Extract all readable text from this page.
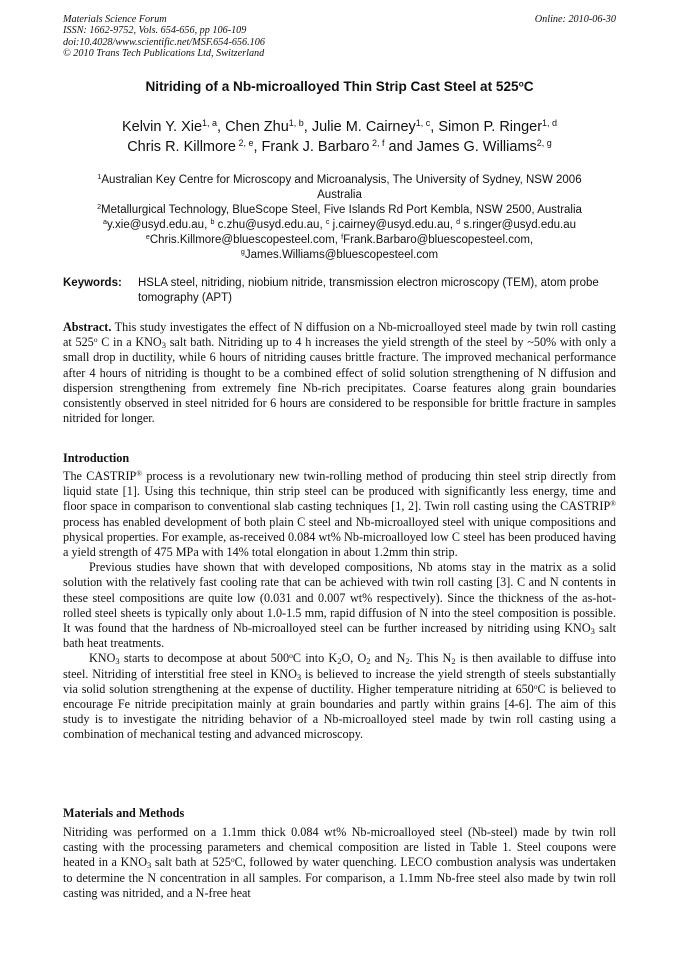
Materials Science Forum
ISSN: 1662-9752, Vols. 654-656, pp 106-109
doi:10.4028/www.scientific.net/MSF.654-656.106
© 2010 Trans Tech Publications Ltd, Switzerland
Online: 2010-06-30
Nitriding of a Nb-microalloyed Thin Strip Cast Steel at 525$^o$C
Kelvin Y. Xie$^{1, a}$, Chen Zhu$^{1, b}$, Julie M. Cairney$^{1, c}$, Simon P. Ringer$^{1, d}$
Chris R. Killmore $^{2, e}$, Frank J. Barbaro $^{2, f}$ and James G. Williams$^{2, g}$
$^1$Australian Key Centre for Microscopy and Microanalysis, The University of Sydney, NSW 2006
Australia
$^2$Metallurgical Technology, BlueScope Steel, Five Islands Rd Port Kembla, NSW 2500, Australia
$^a$y.xie@usyd.edu.au, $^b$ c.zhu@usyd.edu.au, $^c$ j.cairney@usyd.edu.au, $^d$ s.ringer@usyd.edu.au
$^e$Chris.Killmore@bluescopesteel.com, $^f$Frank.Barbaro@bluescopesteel.com,
$^g$James.Williams@bluescopesteel.com
Keywords: HSLA steel, nitriding, niobium nitride, transmission electron microscopy (TEM), atom probe tomography (APT)

Abstract. This study investigates the effect of N diffusion on a Nb-microalloyed steel made by twin roll casting at 525$^o$ C in a $KNO_3$ salt bath. Nitriding up to 4 h increases the yield strength of the steel by ~50% with only a small drop in ductility, while 6 hours of nitriding causes brittle fracture. The improved mechanical performance after 4 hours of nitriding is thought to be a combined effect of solid solution strengthening of N diffusion and dispersion strengthening from extremely fine Nb-rich precipitates. Coarse features along grain boundaries consistently observed in steel nitrided for 6 hours are considered to be responsible for brittle fracture in samples nitrided for longer.

Introduction

The CASTRIP® process is a revolutionary new twin-rolling method of producing thin steel strip directly from liquid state [1]. Using this technique, thin strip steel can be produced with significantly less energy, time and floor space in comparison to conventional slab casting techniques [1, 2]. Twin roll casting using the CASTRIP® process has enabled development of both plain C steel and Nb-microalloyed steel with unique compositions and physical properties. For example, as-received 0.084 wt% Nb-microalloyed low C steel has been produced having a yield strength of 475 MPa with 14% total elongation in about 1.2mm thin strip.

Previous studies have shown that with developed compositions, Nb atoms stay in the matrix as a solid solution with the relatively fast cooling rate that can be achieved with twin roll casting [3]. C and N contents in these steel compositions are quite low (0.031 and 0.007 wt% respectively). Since the thickness of the as-hot-rolled steel sheets is typically only about 1.0-1.5 mm, rapid diffusion of N into the steel composition is possible. It was found that the hardness of Nb-microalloyed steel can be further increased by nitriding using $KNO_3$ salt bath heat treatments.

$KNO_3$ starts to decompose at about 500$^o$C into $K_2O$, $O_2$ and $N_2$. This $N_2$ is then available to diffuse into steel. Nitriding of interstitial free steel in $KNO_3$ is believed to increase the yield strength of steels substantially via solid solution strengthening at the expense of ductility. Higher temperature nitriding at 650$^o$C is believed to encourage Fe nitride precipitation mainly at grain boundaries and partly within grains [4-6]. The aim of this study is to investigate the nitriding behavior of a Nb-microalloyed steel made by twin roll casting using a combination of mechanical testing and advanced microscopy.

Materials and Methods

Nitriding was performed on a 1.1mm thick 0.084 wt% Nb-microalloyed steel (Nb-steel) made by twin roll casting with the processing parameters and chemical composition are listed in Table 1. Steel coupons were heated in a $KNO_3$ salt bath at 525$^o$C, followed by water quenching. LECO combustion analysis was undertaken to determine the N concentration in all samples. For comparison, a 1.1mm Nb-free steel also made by twin roll casting was nitrided, and a N-free heat
